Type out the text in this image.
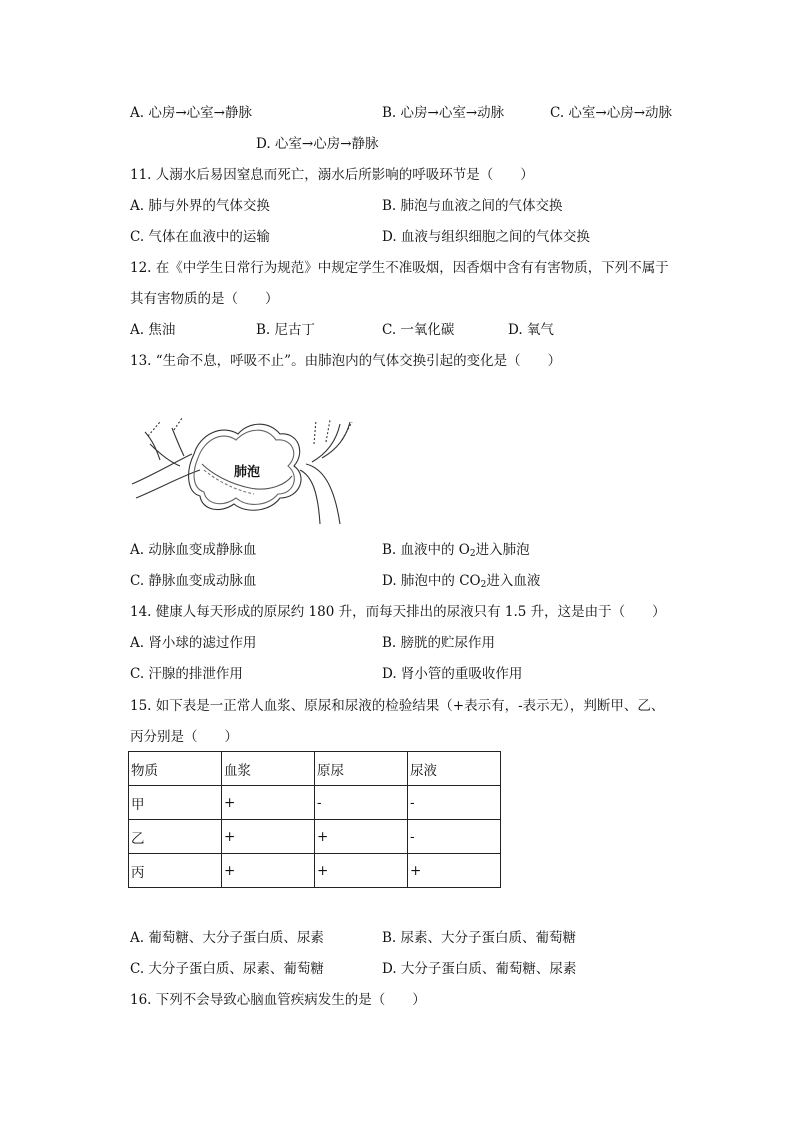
A. 心房→心室→静脉	B. 心房→心室→动脉	C. 心室→心房→动脉
D. 心室→心房→静脉
11. 人溺水后易因窒息而死亡，溺水后所影响的呼吸环节是（　　）
A. 肺与外界的气体交换	B. 肺泡与血液之间的气体交换
C. 气体在血液中的运输	D. 血液与组织细胞之间的气体交换
12. 在《中学生日常行为规范》中规定学生不准吸烟，因香烟中含有有害物质，下列不属于
其有害物质的是（　　）
A. 焦油	B. 尼古丁	C. 一氧化碳	D. 氧气
13. “生命不息，呼吸不止”。由肺泡内的气体交换引起的变化是（　　）
肺泡
A. 动脉血变成静脉血	B. 血液中的 $O_2$进入肺泡
C. 静脉血变成动脉血	D. 肺泡中的 $CO_2$进入血液
14. 健康人每天形成的原尿约 180 升，而每天排出的尿液只有 1.5 升，这是由于（　　）
A. 肾小球的滤过作用	B. 膀胱的贮尿作用
C. 汗腺的排泄作用	D. 肾小管的重吸收作用
15. 如下表是一正常人血浆、原尿和尿液的检验结果（+表示有，-表示无），判断甲、乙、
丙分别是（　　）
物质	血浆	原尿	尿液
甲	+	-	-
乙	+	+	-
丙	+	+	+
A. 葡萄糖、大分子蛋白质、尿素	B. 尿素、大分子蛋白质、葡萄糖
C. 大分子蛋白质、尿素、葡萄糖	D. 大分子蛋白质、葡萄糖、尿素
16. 下列不会导致心脑血管疾病发生的是（　　）
